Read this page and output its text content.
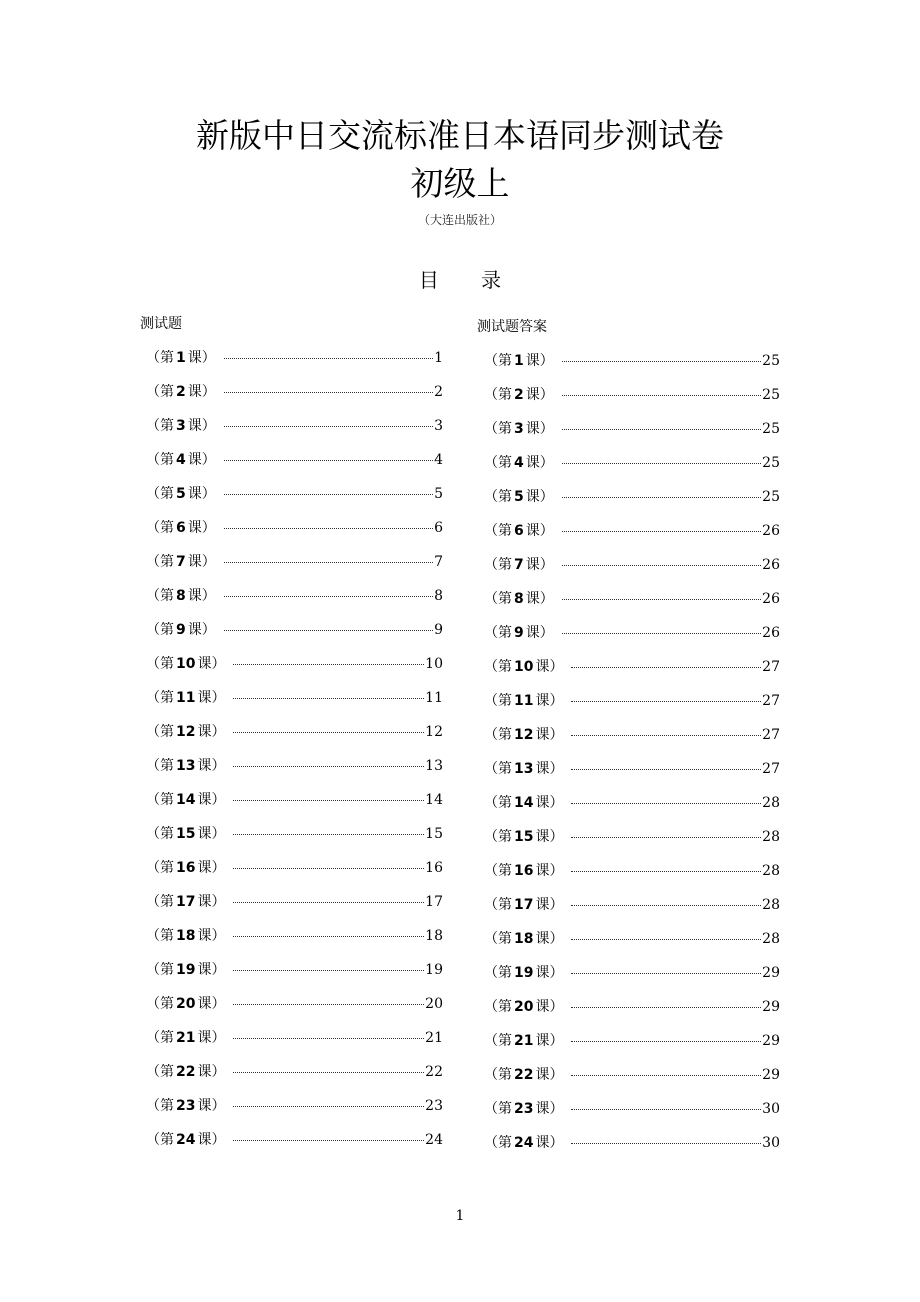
新版中日交流标准日本语同步测试卷
初级上
（大连出版社）
目 录
测试题	测试题答案
（第 1 课）	1
（第 2 课）	2
（第 3 课）	3
（第 4 课）	4
（第 5 课）	5
（第 6 课）	6
（第 7 课）	7
（第 8 课）	8
（第 9 课）	9
（第 10 课）	10
（第 11 课）	11
（第 12 课）	12
（第 13 课）	13
（第 14 课）	14
（第 15 课）	15
（第 16 课）	16
（第 17 课）	17
（第 18 课）	18
（第 19 课）	19
（第 20 课）	20
（第 21 课）	21
（第 22 课）	22
（第 23 课）	23
（第 24 课）	24
（第 1 课）	25
（第 2 课）	25
（第 3 课）	25
（第 4 课）	25
（第 5 课）	25
（第 6 课）	26
（第 7 课）	26
（第 8 课）	26
（第 9 课）	26
（第 10 课）	27
（第 11 课）	27
（第 12 课）	27
（第 13 课）	27
（第 14 课）	28
（第 15 课）	28
（第 16 课）	28
（第 17 课）	28
（第 18 课）	28
（第 19 课）	29
（第 20 课）	29
（第 21 课）	29
（第 22 课）	29
（第 23 课）	30
（第 24 课）	30
1
